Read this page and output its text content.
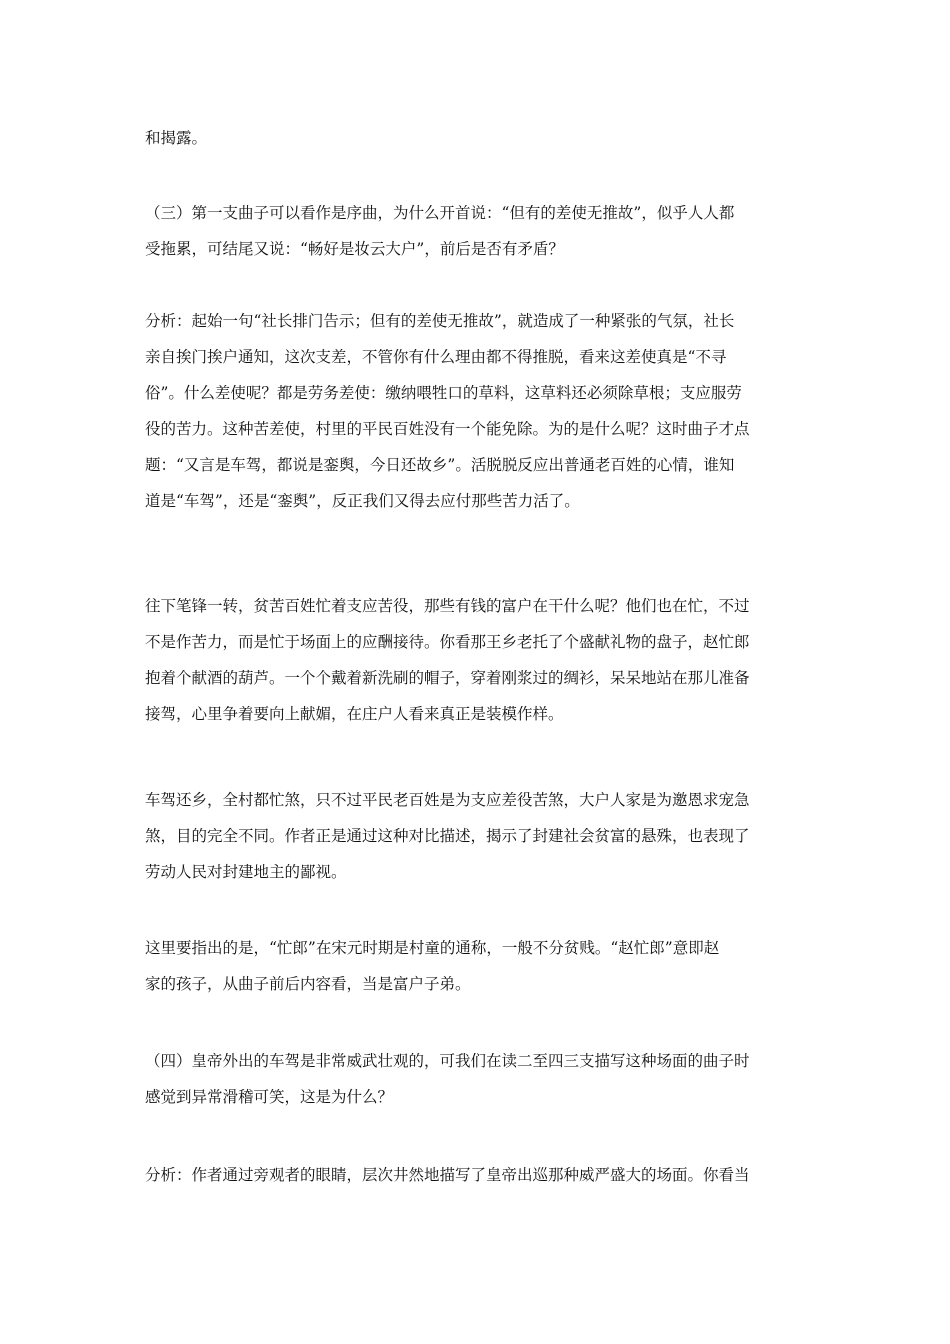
和揭露。

（三）第一支曲子可以看作是序曲，为什么开首说：“但有的差使无推故”，似乎人人都
受拖累，可结尾又说：“畅好是妆云大户”，前后是否有矛盾？

分析：起始一句“社长排门告示；但有的差使无推故”，就造成了一种紧张的气氛，社长
亲自挨门挨户通知，这次支差，不管你有什么理由都不得推脱，看来这差使真是“不寻
俗”。什么差使呢？都是劳务差使：缴纳喂牲口的草料，这草料还必须除草根；支应服劳
役的苦力。这种苦差使，村里的平民百姓没有一个能免除。为的是什么呢？这时曲子才点
题：“又言是车驾，都说是銮舆，今日还故乡”。活脱脱反应出普通老百姓的心情，谁知
道是“车驾”，还是“銮舆”，反正我们又得去应付那些苦力活了。

往下笔锋一转，贫苦百姓忙着支应苦役，那些有钱的富户在干什么呢？他们也在忙，不过
不是作苦力，而是忙于场面上的应酬接待。你看那王乡老托了个盛献礼物的盘子，赵忙郎
抱着个献酒的葫芦。一个个戴着新洗刷的帽子，穿着刚浆过的绸衫，呆呆地站在那儿准备
接驾，心里争着要向上献媚，在庄户人看来真正是装模作样。

车驾还乡，全村都忙煞，只不过平民老百姓是为支应差役苦煞，大户人家是为邀恩求宠急
煞，目的完全不同。作者正是通过这种对比描述，揭示了封建社会贫富的悬殊，也表现了
劳动人民对封建地主的鄙视。

这里要指出的是，“忙郎”在宋元时期是村童的通称，一般不分贫贱。“赵忙郎”意即赵
家的孩子，从曲子前后内容看，当是富户子弟。

（四）皇帝外出的车驾是非常威武壮观的，可我们在读二至四三支描写这种场面的曲子时
感觉到异常滑稽可笑，这是为什么？

分析：作者通过旁观者的眼睛，层次井然地描写了皇帝出巡那种威严盛大的场面。你看当
